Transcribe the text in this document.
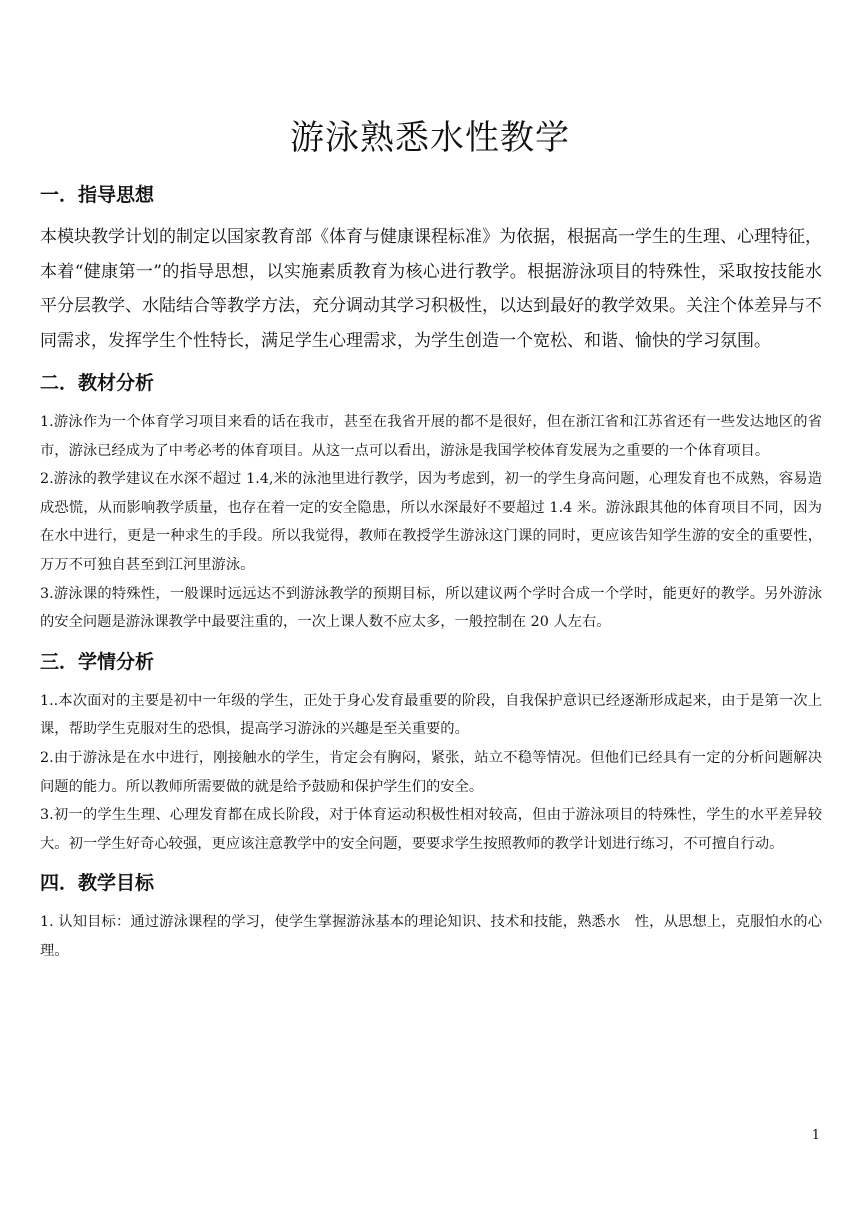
游泳熟悉水性教学
一．指导思想

本模块教学计划的制定以国家教育部《体育与健康课程标准》为依据，根据高一学生的生理、心理特征，本着“健康第一”的指导思想，以实施素质教育为核心进行教学。根据游泳项目的特殊性，采取按技能水平分层教学、水陆结合等教学方法，充分调动其学习积极性，以达到最好的教学效果。关注个体差异与不同需求，发挥学生个性特长，满足学生心理需求，为学生创造一个宽松、和谐、愉快的学习氛围。

二．教材分析

1.游泳作为一个体育学习项目来看的话在我市，甚至在我省开展的都不是很好，但在浙江省和江苏省还有一些发达地区的省市，游泳已经成为了中考必考的体育项目。从这一点可以看出，游泳是我国学校体育发展为之重要的一个体育项目。

2.游泳的教学建议在水深不超过 1.4,米的泳池里进行教学，因为考虑到，初一的学生身高问题，心理发育也不成熟，容易造成恐慌，从而影响教学质量，也存在着一定的安全隐患，所以水深最好不要超过 1.4 米。游泳跟其他的体育项目不同，因为在水中进行，更是一种求生的手段。所以我觉得，教师在教授学生游泳这门课的同时，更应该告知学生游的安全的重要性，万万不可独自甚至到江河里游泳。

3.游泳课的特殊性，一般课时远远达不到游泳教学的预期目标，所以建议两个学时合成一个学时，能更好的教学。另外游泳的安全问题是游泳课教学中最要注重的，一次上课人数不应太多，一般控制在 20 人左右。

三．学情分析

1..本次面对的主要是初中一年级的学生，正处于身心发育最重要的阶段，自我保护意识已经逐渐形成起来，由于是第一次上课，帮助学生克服对生的恐惧，提高学习游泳的兴趣是至关重要的。

2.由于游泳是在水中进行，刚接触水的学生，肯定会有胸闷，紧张，站立不稳等情况。但他们已经具有一定的分析问题解决问题的能力。所以教师所需要做的就是给予鼓励和保护学生们的安全。

3.初一的学生生理、心理发育都在成长阶段，对于体育运动积极性相对较高，但由于游泳项目的特殊性，学生的水平差异较大。初一学生好奇心较强，更应该注意教学中的安全问题，要要求学生按照教师的教学计划进行练习，不可擅自行动。

四．教学目标

1. 认知目标：通过游泳课程的学习，使学生掌握游泳基本的理论知识、技术和技能，熟悉水　性，从思想上，克服怕水的心理。

1
